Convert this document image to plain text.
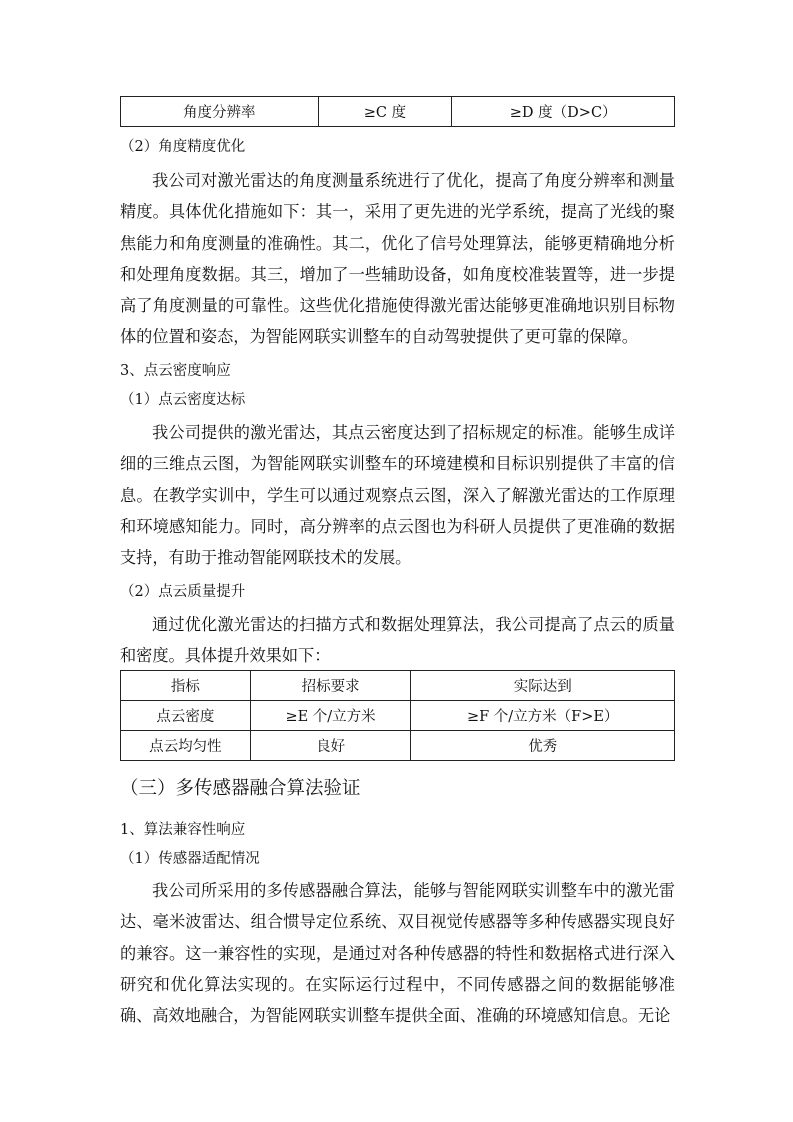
角度分辨率	≥C 度	≥D 度（D>C）
（2）角度精度优化
我公司对激光雷达的角度测量系统进行了优化，提高了角度分辨率和测量精度。具体优化措施如下：其一，采用了更先进的光学系统，提高了光线的聚焦能力和角度测量的准确性。其二，优化了信号处理算法，能够更精确地分析和处理角度数据。其三，增加了一些辅助设备，如角度校准装置等，进一步提高了角度测量的可靠性。这些优化措施使得激光雷达能够更准确地识别目标物体的位置和姿态，为智能网联实训整车的自动驾驶提供了更可靠的保障。
3、点云密度响应
（1）点云密度达标
我公司提供的激光雷达，其点云密度达到了招标规定的标准。能够生成详细的三维点云图，为智能网联实训整车的环境建模和目标识别提供了丰富的信息。在教学实训中，学生可以通过观察点云图，深入了解激光雷达的工作原理和环境感知能力。同时，高分辨率的点云图也为科研人员提供了更准确的数据支持，有助于推动智能网联技术的发展。
（2）点云质量提升
通过优化激光雷达的扫描方式和数据处理算法，我公司提高了点云的质量和密度。具体提升效果如下：
指标	招标要求	实际达到
点云密度	≥E 个/立方米	≥F 个/立方米（F>E）
点云均匀性	良好	优秀
（三）多传感器融合算法验证
1、算法兼容性响应
（1）传感器适配情况
我公司所采用的多传感器融合算法，能够与智能网联实训整车中的激光雷达、毫米波雷达、组合惯导定位系统、双目视觉传感器等多种传感器实现良好的兼容。这一兼容性的实现，是通过对各种传感器的特性和数据格式进行深入研究和优化算法实现的。在实际运行过程中，不同传感器之间的数据能够准确、高效地融合，为智能网联实训整车提供全面、准确的环境感知信息。无论
